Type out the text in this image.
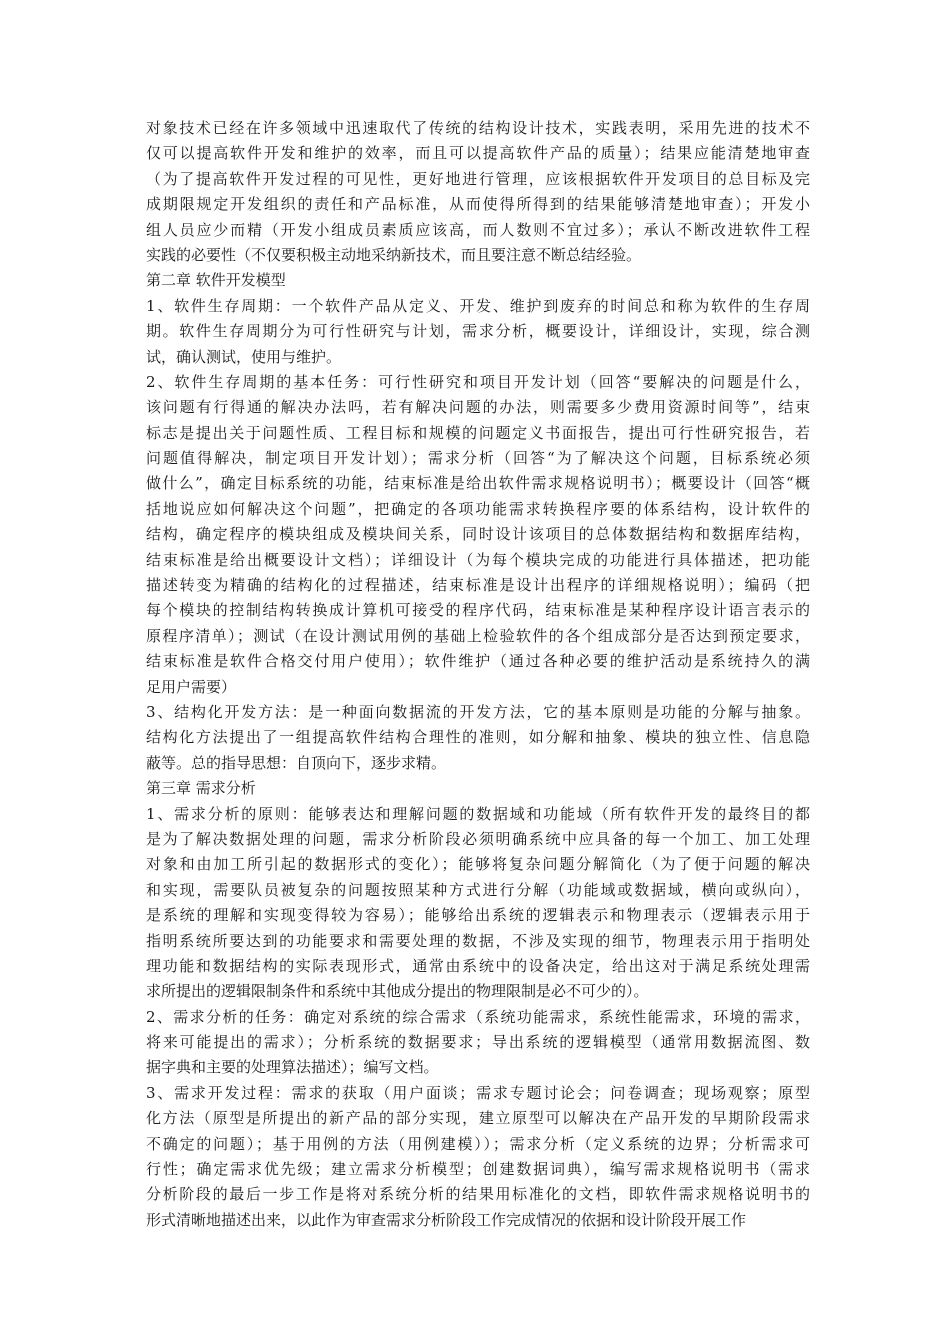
对象技术已经在许多领域中迅速取代了传统的结构设计技术，实践表明，采用先进的技术不
仅可以提高软件开发和维护的效率，而且可以提高软件产品的质量）；结果应能清楚地审查
（为了提高软件开发过程的可见性，更好地进行管理，应该根据软件开发项目的总目标及完
成期限规定开发组织的责任和产品标准，从而使得所得到的结果能够清楚地审查）；开发小
组人员应少而精（开发小组成员素质应该高，而人数则不宜过多）；承认不断改进软件工程
实践的必要性（不仅要积极主动地采纳新技术，而且要注意不断总结经验。
第二章 软件开发模型
1、软件生存周期：一个软件产品从定义、开发、维护到废弃的时间总和称为软件的生存周
期。软件生存周期分为可行性研究与计划，需求分析，概要设计，详细设计，实现，综合测
试，确认测试，使用与维护。
2、软件生存周期的基本任务：可行性研究和项目开发计划（回答“要解决的问题是什么，
该问题有行得通的解决办法吗，若有解决问题的办法，则需要多少费用资源时间等”，结束
标志是提出关于问题性质、工程目标和规模的问题定义书面报告，提出可行性研究报告，若
问题值得解决，制定项目开发计划）；需求分析（回答“为了解决这个问题，目标系统必须
做什么”，确定目标系统的功能，结束标准是给出软件需求规格说明书）；概要设计（回答“概
括地说应如何解决这个问题”，把确定的各项功能需求转换程序要的体系结构，设计软件的
结构，确定程序的模块组成及模块间关系，同时设计该项目的总体数据结构和数据库结构，
结束标准是给出概要设计文档）；详细设计（为每个模块完成的功能进行具体描述，把功能
描述转变为精确的结构化的过程描述，结束标准是设计出程序的详细规格说明）；编码（把
每个模块的控制结构转换成计算机可接受的程序代码，结束标准是某种程序设计语言表示的
原程序清单）；测试（在设计测试用例的基础上检验软件的各个组成部分是否达到预定要求，
结束标准是软件合格交付用户使用）；软件维护（通过各种必要的维护活动是系统持久的满
足用户需要）
3、结构化开发方法：是一种面向数据流的开发方法，它的基本原则是功能的分解与抽象。
结构化方法提出了一组提高软件结构合理性的准则，如分解和抽象、模块的独立性、信息隐
蔽等。总的指导思想：自顶向下，逐步求精。
第三章 需求分析
1、需求分析的原则：能够表达和理解问题的数据域和功能域（所有软件开发的最终目的都
是为了解决数据处理的问题，需求分析阶段必须明确系统中应具备的每一个加工、加工处理
对象和由加工所引起的数据形式的变化）；能够将复杂问题分解简化（为了便于问题的解决
和实现，需要队员被复杂的问题按照某种方式进行分解（功能域或数据域，横向或纵向），
是系统的理解和实现变得较为容易）；能够给出系统的逻辑表示和物理表示（逻辑表示用于
指明系统所要达到的功能要求和需要处理的数据，不涉及实现的细节，物理表示用于指明处
理功能和数据结构的实际表现形式，通常由系统中的设备决定，给出这对于满足系统处理需
求所提出的逻辑限制条件和系统中其他成分提出的物理限制是必不可少的）。
2、需求分析的任务：确定对系统的综合需求（系统功能需求，系统性能需求，环境的需求，
将来可能提出的需求）；分析系统的数据要求；导出系统的逻辑模型（通常用数据流图、数
据字典和主要的处理算法描述）；编写文档。
3、需求开发过程：需求的获取（用户面谈；需求专题讨论会；问卷调查；现场观察；原型
化方法（原型是所提出的新产品的部分实现，建立原型可以解决在产品开发的早期阶段需求
不确定的问题）；基于用例的方法（用例建模））；需求分析（定义系统的边界；分析需求可
行性；确定需求优先级；建立需求分析模型；创建数据词典），编写需求规格说明书（需求
分析阶段的最后一步工作是将对系统分析的结果用标准化的文档，即软件需求规格说明书的
形式清晰地描述出来，以此作为审查需求分析阶段工作完成情况的依据和设计阶段开展工作
